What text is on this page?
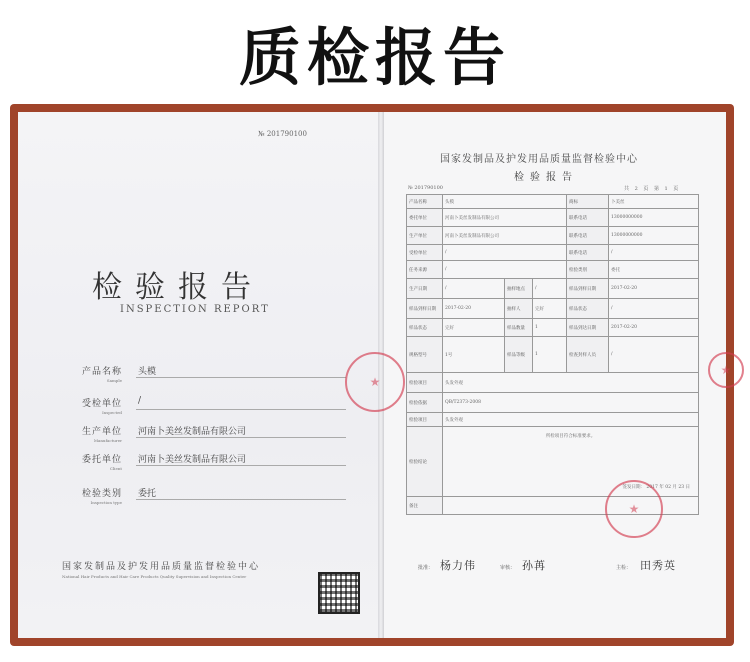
质检报告
№ 201790100
检验报告
INSPECTION REPORT
产品名称
Sample
头模
受检单位
Inspected
/
生产单位
Manufacturer
河南卜美丝发制品有限公司
委托单位
Client
河南卜美丝发制品有限公司
检验类别
Inspection type
委托
国家发制品及护发用品质量监督检验中心
National Hair Products and Hair Care Products Quality Supervision and Inspection Center
国家发制品及护发用品质量监督检验中心
检验报告
№ 201790100	共 2 页 第 1 页
产品名称	头模			商标	卜美丝
委托单位	河南卜美丝发制品有限公司			联系电话	13000000000
生产单位	河南卜美丝发制品有限公司			联系电话	13000000000
受检单位	/			联系电话	/
任务来源	/			检验类别	委托
生产日期	/	抽样地点	/	样品到样日期	2017-02-20
样品到样日期	2017-02-20	抽样人	完好	样品状态	/
样品状态	完好	样品数量	1	样品到达日期	2017-02-20
规格型号	1号	样品等级	1	检查封样人员	/
检验项目	头发外观				
检验依据	QB/T2373-2008				
检验项目	头发外观				
检验结论	所检项目符合标准要求。
签发日期： 2017 年 02 月 23 日				

备注					
批准： 杨力伟	审核： 孙苒	主检： 田秀英
★
★
★
